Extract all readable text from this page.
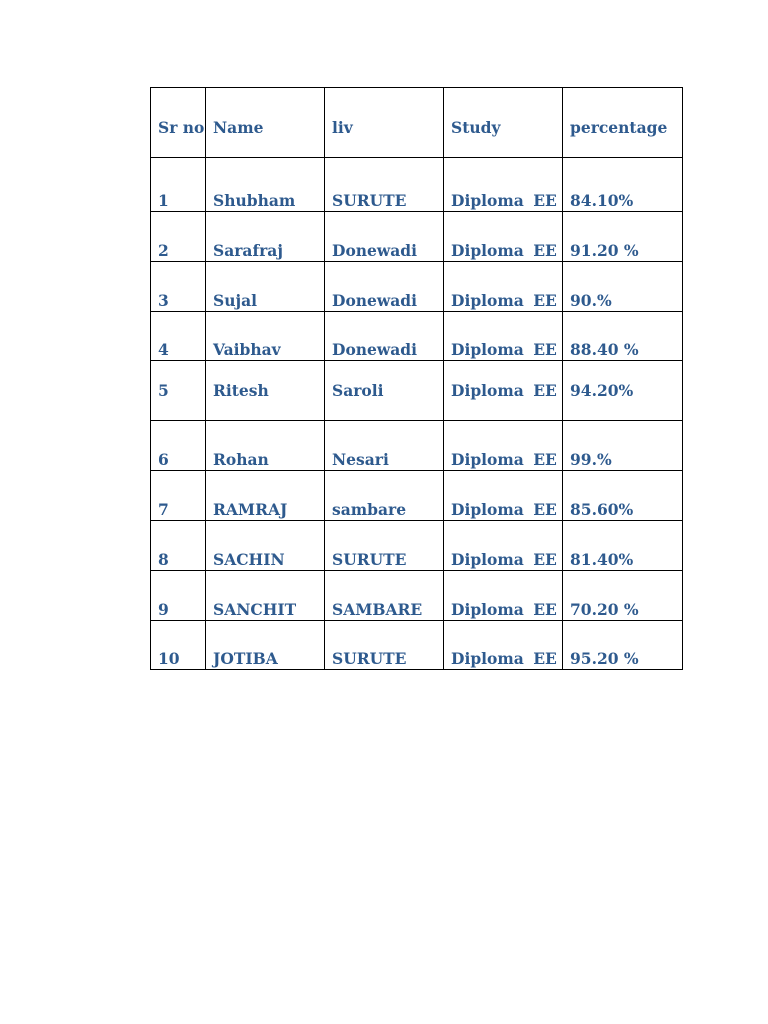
Sr no	Name	liv	Study	percentage
1	Shubham	SURUTE	Diploma EE	84.10%
2	Sarafraj	Donewadi	Diploma EE	91.20 %
3	Sujal	Donewadi	Diploma EE	90.%
4	Vaibhav	Donewadi	Diploma EE	88.40 %
5	Ritesh	Saroli	Diploma EE	94.20%
6	Rohan	Nesari	Diploma EE	99.%
7	RAMRAJ	sambare	Diploma EE	85.60%
8	SACHIN	SURUTE	Diploma EE	81.40%
9	SANCHIT	SAMBARE	Diploma EE	70.20 %
10	JOTIBA	SURUTE	Diploma EE	95.20 %
